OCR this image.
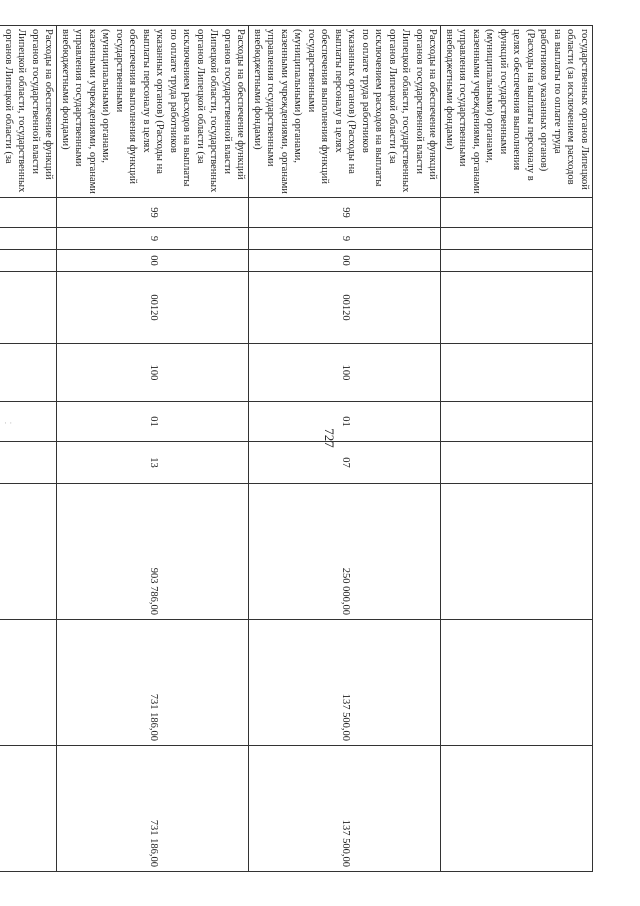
· ·
727
государственных органов Липецкой области (за исключением расходов на выплаты по оплате труда работников указанных органов) (Расходы на выплаты персоналу в целях обеспечения выполнения функций государственными (муниципальными) органами, казенными учреждениями, органами управления государственными внебюджетными фондами)										
Расходы на обеспечение функций органов государственной власти Липецкой области, государственных органов Липецкой области (за исключением расходов на выплаты по оплате труда работников указанных органов) (Расходы на выплаты персоналу в целях обеспечения выполнения функций государственными (муниципальными) органами, казенными учреждениями, органами управления государственными внебюджетными фондами)	99	9	00	00120	100	01	07	250 000,00	137 500,00	137 500,00
Расходы на обеспечение функций органов государственной власти Липецкой области, государственных органов Липецкой области (за исключением расходов на выплаты по оплате труда работников указанных органов) (Расходы на выплаты персоналу в целях обеспечения выполнения функций государственными (муниципальными) органами, казенными учреждениями, органами управления государственными внебюджетными фондами)	99	9	00	00120	100	01	13	903 786,00	731 186,00	731 186,00
Расходы на обеспечение функций органов государственной власти Липецкой области, государственных органов Липецкой области (за										
